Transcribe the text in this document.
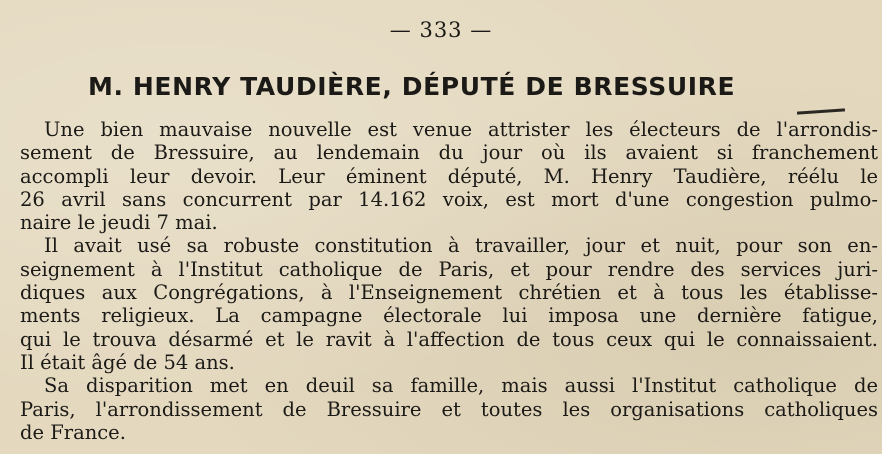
— 333 —
M. HENRY TAUDIÈRE, DÉPUTÉ DE BRESSUIRE

Une bien mauvaise nouvelle est venue attrister les électeurs de l'arrondis-
sement de Bressuire, au lendemain du jour où ils avaient si franchement
accompli leur devoir. Leur éminent député, M. Henry Taudière, réélu le
26 avril sans concurrent par 14.162 voix, est mort d'une congestion pulmo-
naire le jeudi 7 mai.

Il avait usé sa robuste constitution à travailler, jour et nuit, pour son en-
seignement à l'Institut catholique de Paris, et pour rendre des services juri-
diques aux Congrégations, à l'Enseignement chrétien et à tous les établisse-
ments religieux. La campagne électorale lui imposa une dernière fatigue,
qui le trouva désarmé et le ravit à l'affection de tous ceux qui le connaissaient.
Il était âgé de 54 ans.

Sa disparition met en deuil sa famille, mais aussi l'Institut catholique de
Paris, l'arrondissement de Bressuire et toutes les organisations catholiques
de France.
